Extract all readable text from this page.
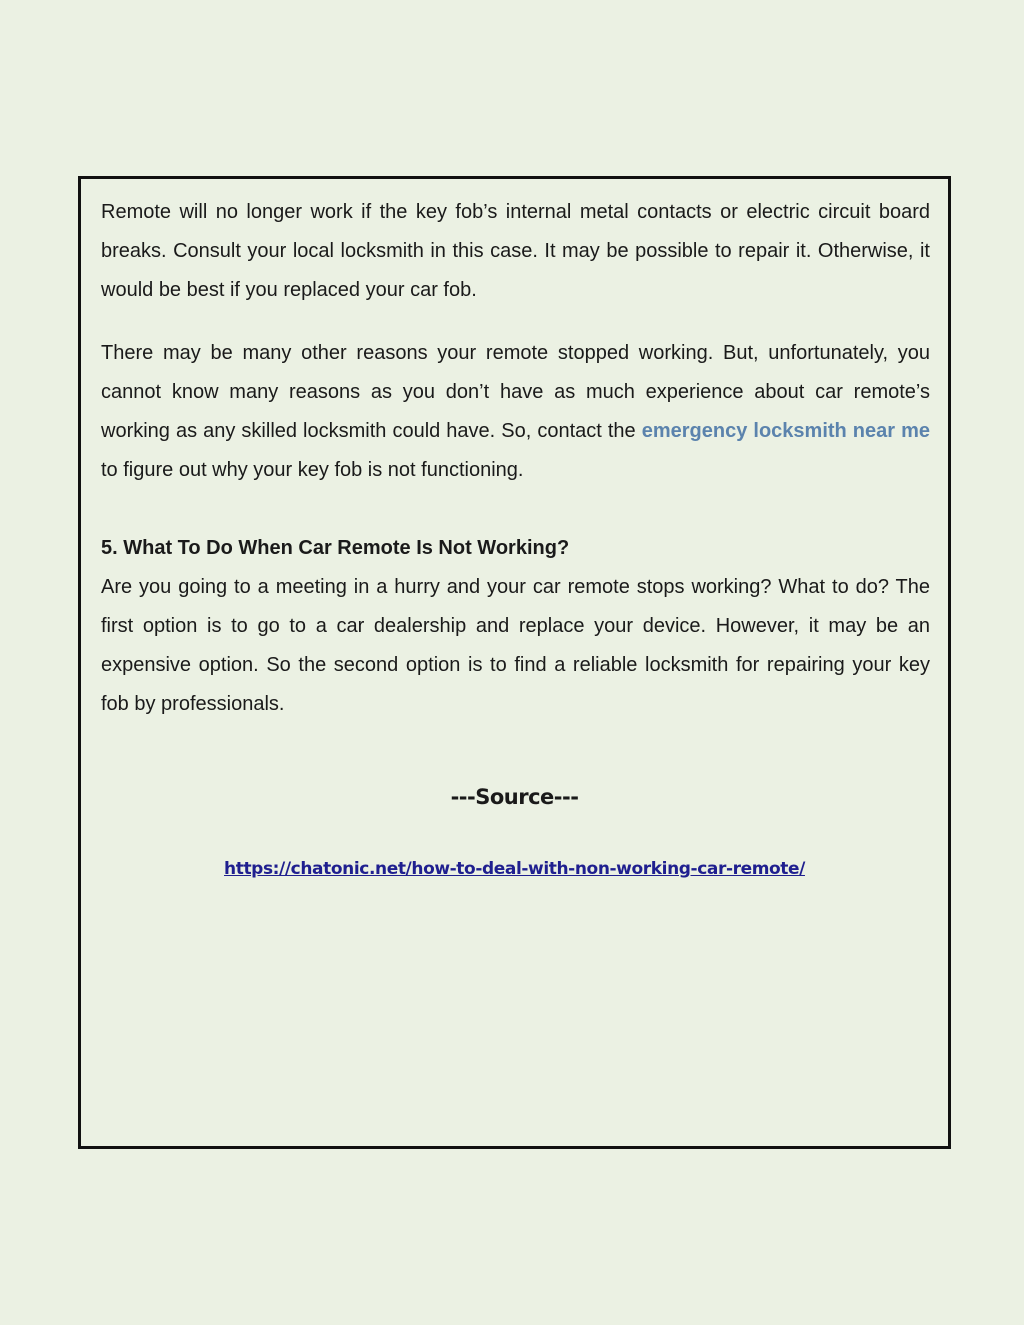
Remote will no longer work if the key fob’s internal metal contacts or electric circuit board breaks. Consult your local locksmith in this case. It may be possible to repair it. Otherwise, it would be best if you replaced your car fob.

There may be many other reasons your remote stopped working. But, unfortunately, you cannot know many reasons as you don’t have as much experience about car remote’s working as any skilled locksmith could have. So, contact the emergency locksmith near me to figure out why your key fob is not functioning.

5. What To Do When Car Remote Is Not Working?

Are you going to a meeting in a hurry and your car remote stops working? What to do? The first option is to go to a car dealership and replace your device. However, it may be an expensive option. So the second option is to find a reliable locksmith for repairing your key fob by professionals.

---Source---
https://chatonic.net/how-to-deal-with-non-working-car-remote/
